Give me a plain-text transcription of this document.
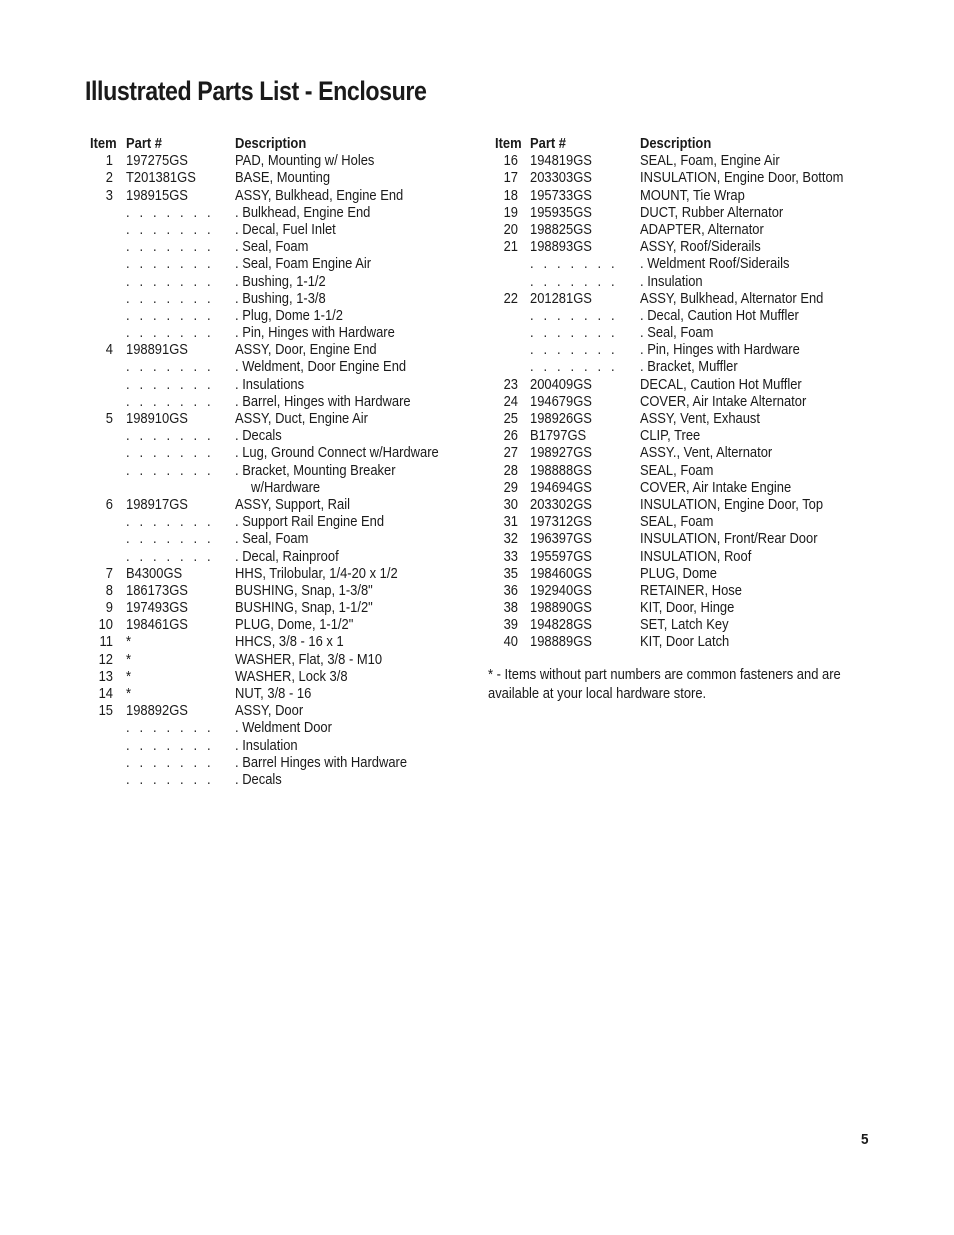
Illustrated Parts List - Enclosure
Item Part #	Description
1 197275GS	PAD, Mounting w/ Holes
2 T201381GS	BASE, Mounting
3 198915GS	ASSY, Bulkhead, Engine End
. . . . . . . . Bulkhead, Engine End
. . . . . . . . Decal, Fuel Inlet
. . . . . . . . Seal, Foam
. . . . . . . . Seal, Foam Engine Air
. . . . . . . . Bushing, 1-1/2
. . . . . . . . Bushing, 1-3/8
. . . . . . . . Plug, Dome 1-1/2
. . . . . . . . Pin, Hinges with Hardware
4 198891GS	ASSY, Door, Engine End
. . . . . . . . Weldment, Door Engine End
. . . . . . . . Insulations
. . . . . . . . Barrel, Hinges with Hardware
5 198910GS	ASSY, Duct, Engine Air
. . . . . . . . Decals
. . . . . . . . Lug, Ground Connect w/Hardware
. . . . . . . . Bracket, Mounting Breaker
w/Hardware
6 198917GS	ASSY, Support, Rail
. . . . . . . . Support Rail Engine End
. . . . . . . . Seal, Foam
. . . . . . . . Decal, Rainproof
7 B4300GS	HHS, Trilobular, 1/4-20 x 1/2
8 186173GS	BUSHING, Snap, 1-3/8"
9 197493GS	BUSHING, Snap, 1-1/2"
10 198461GS	PLUG, Dome, 1-1/2"
11 *	HHCS, 3/8 - 16 x 1
12 *	WASHER, Flat, 3/8 - M10
13 *	WASHER, Lock 3/8
14 *	NUT, 3/8 - 16
15 198892GS	ASSY, Door
. . . . . . . . Weldment Door
. . . . . . . . Insulation
. . . . . . . . Barrel Hinges with Hardware
. . . . . . . . Decals
Item Part #	Description
16 194819GS	SEAL, Foam, Engine Air
17 203303GS	INSULATION, Engine Door, Bottom
18 195733GS	MOUNT, Tie Wrap
19 195935GS	DUCT, Rubber Alternator
20 198825GS	ADAPTER, Alternator
21 198893GS	ASSY, Roof/Siderails
. . . . . . . . Weldment Roof/Siderails
. . . . . . . . Insulation
22 201281GS	ASSY, Bulkhead, Alternator End
. . . . . . . . Decal, Caution Hot Muffler
. . . . . . . . Seal, Foam
. . . . . . . . Pin, Hinges with Hardware
. . . . . . . . Bracket, Muffler
23 200409GS	DECAL, Caution Hot Muffler
24 194679GS	COVER, Air Intake Alternator
25 198926GS	ASSY, Vent, Exhaust
26 B1797GS	CLIP, Tree
27 198927GS	ASSY., Vent, Alternator
28 198888GS	SEAL, Foam
29 194694GS	COVER, Air Intake Engine
30 203302GS	INSULATION, Engine Door, Top
31 197312GS	SEAL, Foam
32 196397GS	INSULATION, Front/Rear Door
33 195597GS	INSULATION, Roof
35 198460GS	PLUG, Dome
36 192940GS	RETAINER, Hose
38 198890GS	KIT, Door, Hinge
39 194828GS	SET, Latch Key
40 198889GS	KIT, Door Latch

* - Items without part numbers are common fasteners and are available at your local hardware store.

5
